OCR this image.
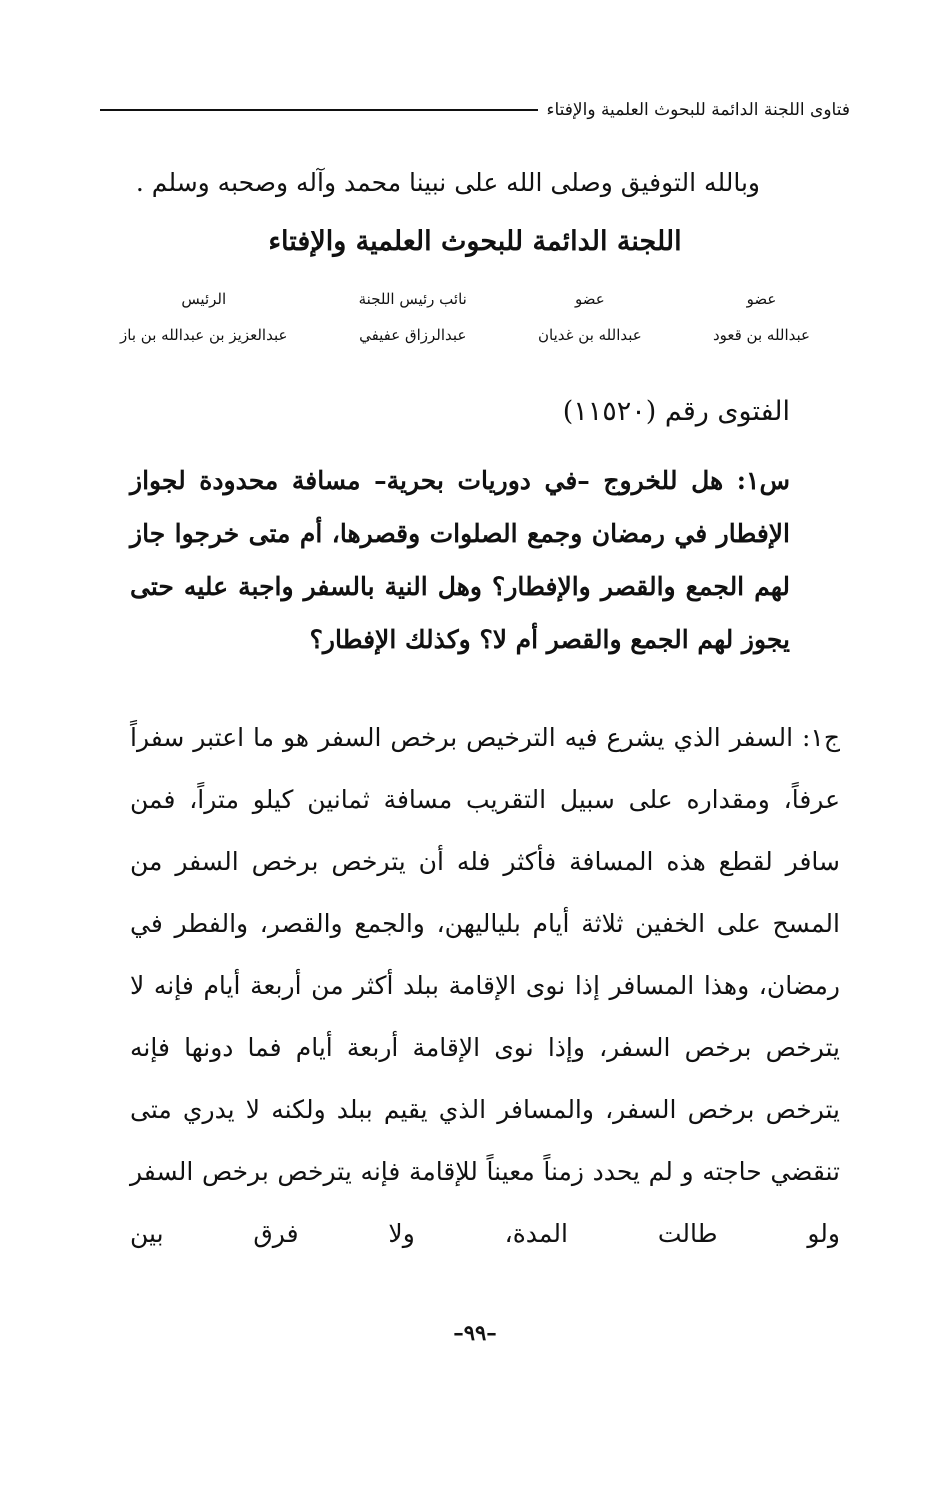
فتاوى اللجنة الدائمة للبحوث العلمية والإفتاء
وبالله التوفيق وصلى الله على نبينا محمد وآله وصحبه وسلم .
اللجنة الدائمة للبحوث العلمية والإفتاء
عضو
عبدالله بن قعود
عضو
عبدالله بن غديان
نائب رئيس اللجنة
عبدالرزاق عفيفي
الرئيس
عبدالعزيز بن عبدالله بن باز
الفتوى رقم (١١٥٢٠)
س١: هل للخروج –في دوريات بحرية– مسافة محدودة لجواز الإفطار في رمضان وجمع الصلوات وقصرها، أم متى خرجوا جاز لهم الجمع والقصر والإفطار؟ وهل النية بالسفر واجبة عليه حتى يجوز لهم الجمع والقصر أم لا؟ وكذلك الإفطار؟
ج١: السفر الذي يشرع فيه الترخيص برخص السفر هو ما اعتبر سفراً عرفاً، ومقداره على سبيل التقريب مسافة ثمانين كيلو متراً، فمن سافر لقطع هذه المسافة فأكثر فله أن يترخص برخص السفر من المسح على الخفين ثلاثة أيام بلياليهن، والجمع والقصر، والفطر في رمضان، وهذا المسافر إذا نوى الإقامة ببلد أكثر من أربعة أيام فإنه لا يترخص برخص السفر، وإذا نوى الإقامة أربعة أيام فما دونها فإنه يترخص برخص السفر، والمسافر الذي يقيم ببلد ولكنه لا يدري متى تنقضي حاجته و لم يحدد زمناً معيناً للإقامة فإنه يترخص برخص السفر ولو طالت المدة، ولا فرق بين
–٩٩–
